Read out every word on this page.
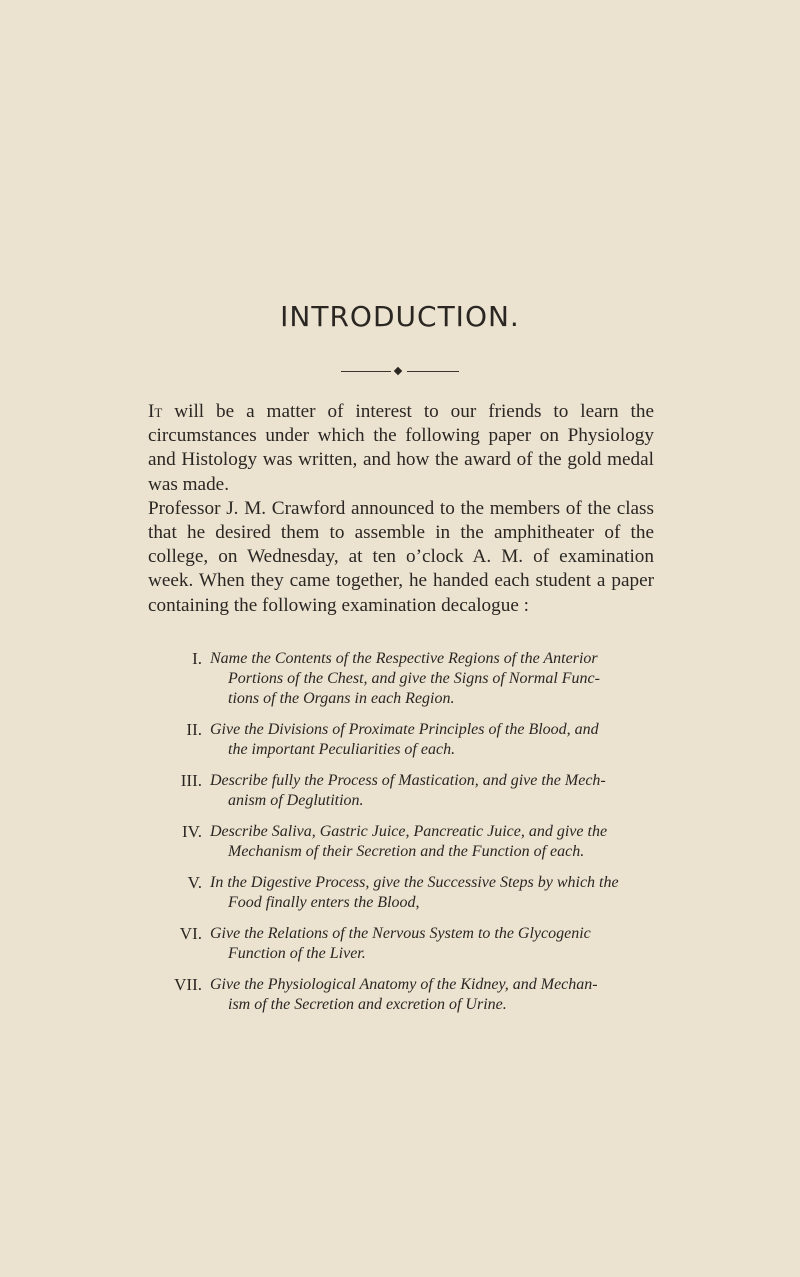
INTRODUCTION.

It will be a matter of interest to our friends to learn the circumstances under which the following paper on Physiology and Histology was written, and how the award of the gold medal was made.

Professor J. M. Crawford announced to the members of the class that he desired them to assemble in the amphitheater of the college, on Wednesday, at ten o’clock A. M. of examination week. When they came together, he handed each student a paper containing the following examination decalogue :

I. Name the Contents of the Respective Regions of the Anterior
Portions of the Chest, and give the Signs of Normal Func-
tions of the Organs in each Region.
II. Give the Divisions of Proximate Principles of the Blood, and
the important Peculiarities of each.
III. Describe fully the Process of Mastication, and give the Mech-
anism of Deglutition.
IV. Describe Saliva, Gastric Juice, Pancreatic Juice, and give the
Mechanism of their Secretion and the Function of each.
V. In the Digestive Process, give the Successive Steps by which the
Food finally enters the Blood,
VI. Give the Relations of the Nervous System to the Glycogenic
Function of the Liver.
VII. Give the Physiological Anatomy of the Kidney, and Mechan-
ism of the Secretion and excretion of Urine.
